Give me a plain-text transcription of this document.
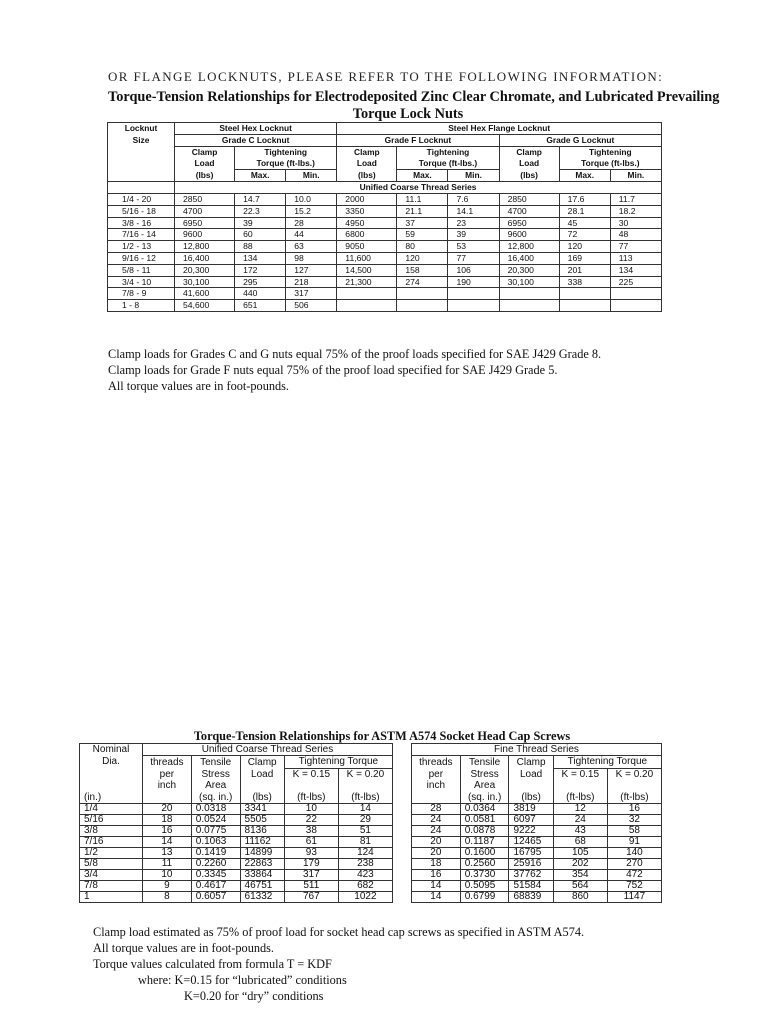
OR FLANGE LOCKNUTS, PLEASE REFER TO THE FOLLOWING INFORMATION:
Torque-Tension Relationships for Electrodeposited Zinc Clear Chromate, and Lubricated Prevailing
Torque Lock Nuts
Locknut	Steel Hex Locknut			Steel Hex Flange Locknut					
Size	Grade C Locknut			Grade F Locknut			Grade G Locknut		
	Clamp	Tightening		Clamp	Tightening		Clamp	Tightening	
	Load	Torque (ft-lbs.)		Load	Torque (ft-lbs.)		Load	Torque (ft-lbs.)	
	(lbs)	Max.	Min.	(lbs)	Max.	Min.	(lbs)	Max.	Min.
	Unified Coarse Thread Series								
1/4 - 20	2850	14.7	10.0	2000	11.1	7.6	2850	17.6	11.7
5/16 - 18	4700	22.3	15.2	3350	21.1	14.1	4700	28.1	18.2
3/8 - 16	6950	39	28	4950	37	23	6950	45	30
7/16 - 14	9600	60	44	6800	59	39	9600	72	48
1/2 - 13	12,800	88	63	9050	80	53	12,800	120	77
9/16 - 12	16,400	134	98	11,600	120	77	16,400	169	113
5/8 - 11	20,300	172	127	14,500	158	106	20,300	201	134
3/4 - 10	30,100	295	218	21,300	274	190	30,100	338	225
7/8 - 9	41,600	440	317						
1 - 8	54,600	651	506						
Clamp loads for Grades C and G nuts equal 75% of the proof loads specified for SAE J429 Grade 8.
Clamp loads for Grade F nuts equal 75% of the proof load specified for SAE J429 Grade 5.
All torque values are in foot-pounds.
Torque-Tension Relationships for ASTM A574 Socket Head Cap Screws
Nominal	Unified Coarse Thread Series						Fine Thread Series				
Dia.	threads	Tensile	Clamp	Tightening Torque			threads	Tensile	Clamp	Tightening Torque	
	per	Stress	Load	K = 0.15	K = 0.20		per	Stress	Load	K = 0.15	K = 0.20
	inch	Area					inch	Area			
(in.)		(sq. in.)	(lbs)	(ft-lbs)	(ft-lbs)			(sq. in.)	(lbs)	(ft-lbs)	(ft-lbs)
1/4	20	0.0318	3341	10	14		28	0.0364	3819	12	16
5/16	18	0.0524	5505	22	29		24	0.0581	6097	24	32
3/8	16	0.0775	8136	38	51		24	0.0878	9222	43	58
7/16	14	0.1063	11162	61	81		20	0.1187	12465	68	91
1/2	13	0.1419	14899	93	124		20	0.1600	16795	105	140
5/8	11	0.2260	22863	179	238		18	0.2560	25916	202	270
3/4	10	0.3345	33864	317	423		16	0.3730	37762	354	472
7/8	9	0.4617	46751	511	682		14	0.5095	51584	564	752
1	8	0.6057	61332	767	1022		14	0.6799	68839	860	1147
Clamp load estimated as 75% of proof load for socket head cap screws as specified in ASTM A574.
All torque values are in foot-pounds.
Torque values calculated from formula T = KDF
where: K=0.15 for “lubricated” conditions
K=0.20 for “dry” conditions
